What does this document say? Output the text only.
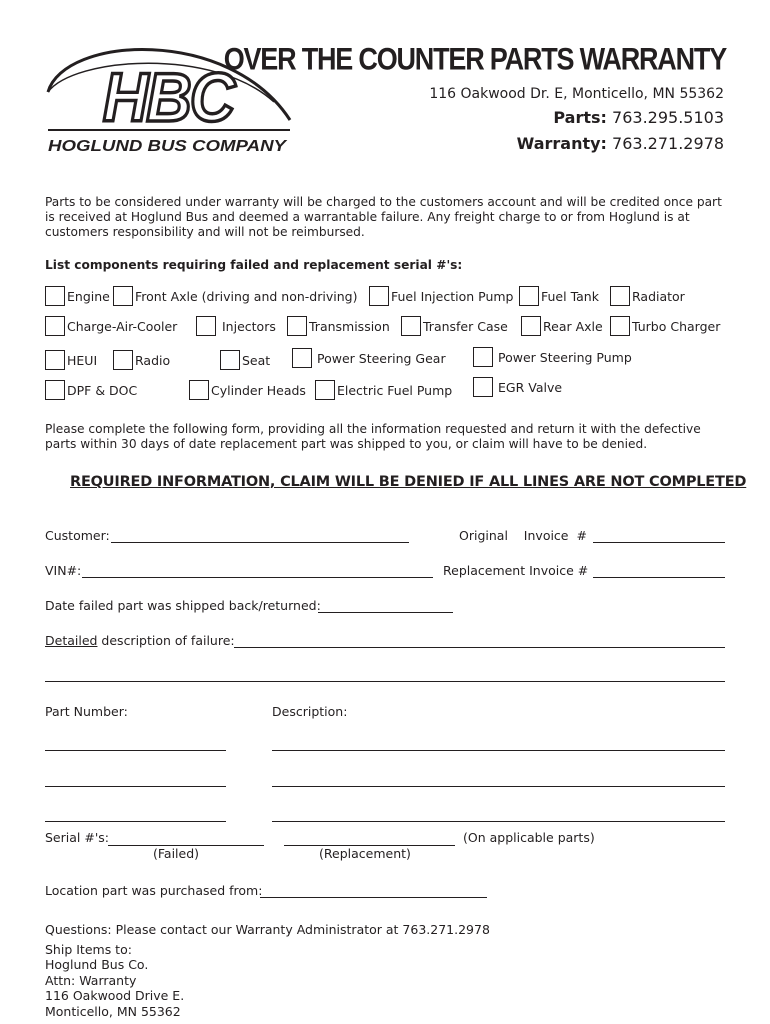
HBC
HOGLUND BUS COMPANY
OVER THE COUNTER PARTS WARRANTY
116 Oakwood Dr. E, Monticello, MN 55362
Parts: 763.295.5103
Warranty: 763.271.2978
Parts to be considered under warranty will be charged to the customers account and will be credited once part is received at Hoglund Bus and deemed a warrantable failure. Any freight charge to or from Hoglund is at customers responsibility and will not be reimbursed.
List components requiring failed and replacement serial #'s:
Engine Front Axle (driving and non-driving)	Fuel Injection Pump Fuel Tank	Radiator
Charge-Air-Cooler	Injectors	Transmission	Transfer Case	Rear Axle Turbo Charger
HEUI	Radio	Seat	Power Steering Gear	Power Steering Pump
DPF & DOC	Cylinder Heads Electric Fuel Pump	EGR Valve
Please complete the following form, providing all the information requested and return it with the defective parts within 30 days of date replacement part was shipped to you, or claim will have to be denied.
REQUIRED INFORMATION, CLAIM WILL BE DENIED IF ALL LINES ARE NOT COMPLETED
Customer:	Original    Invoice  #
VIN#:	Replacement Invoice #
Date failed part was shipped back/returned:
Detailed description of failure:
Part Number:	Description:
Serial #'s:	(On applicable parts)
(Failed)	(Replacement)
Location part was purchased from:
Questions: Please contact our Warranty Administrator at 763.271.2978
Ship Items to:
Hoglund Bus Co.
Attn: Warranty
116 Oakwood Drive E.
Monticello, MN 55362
